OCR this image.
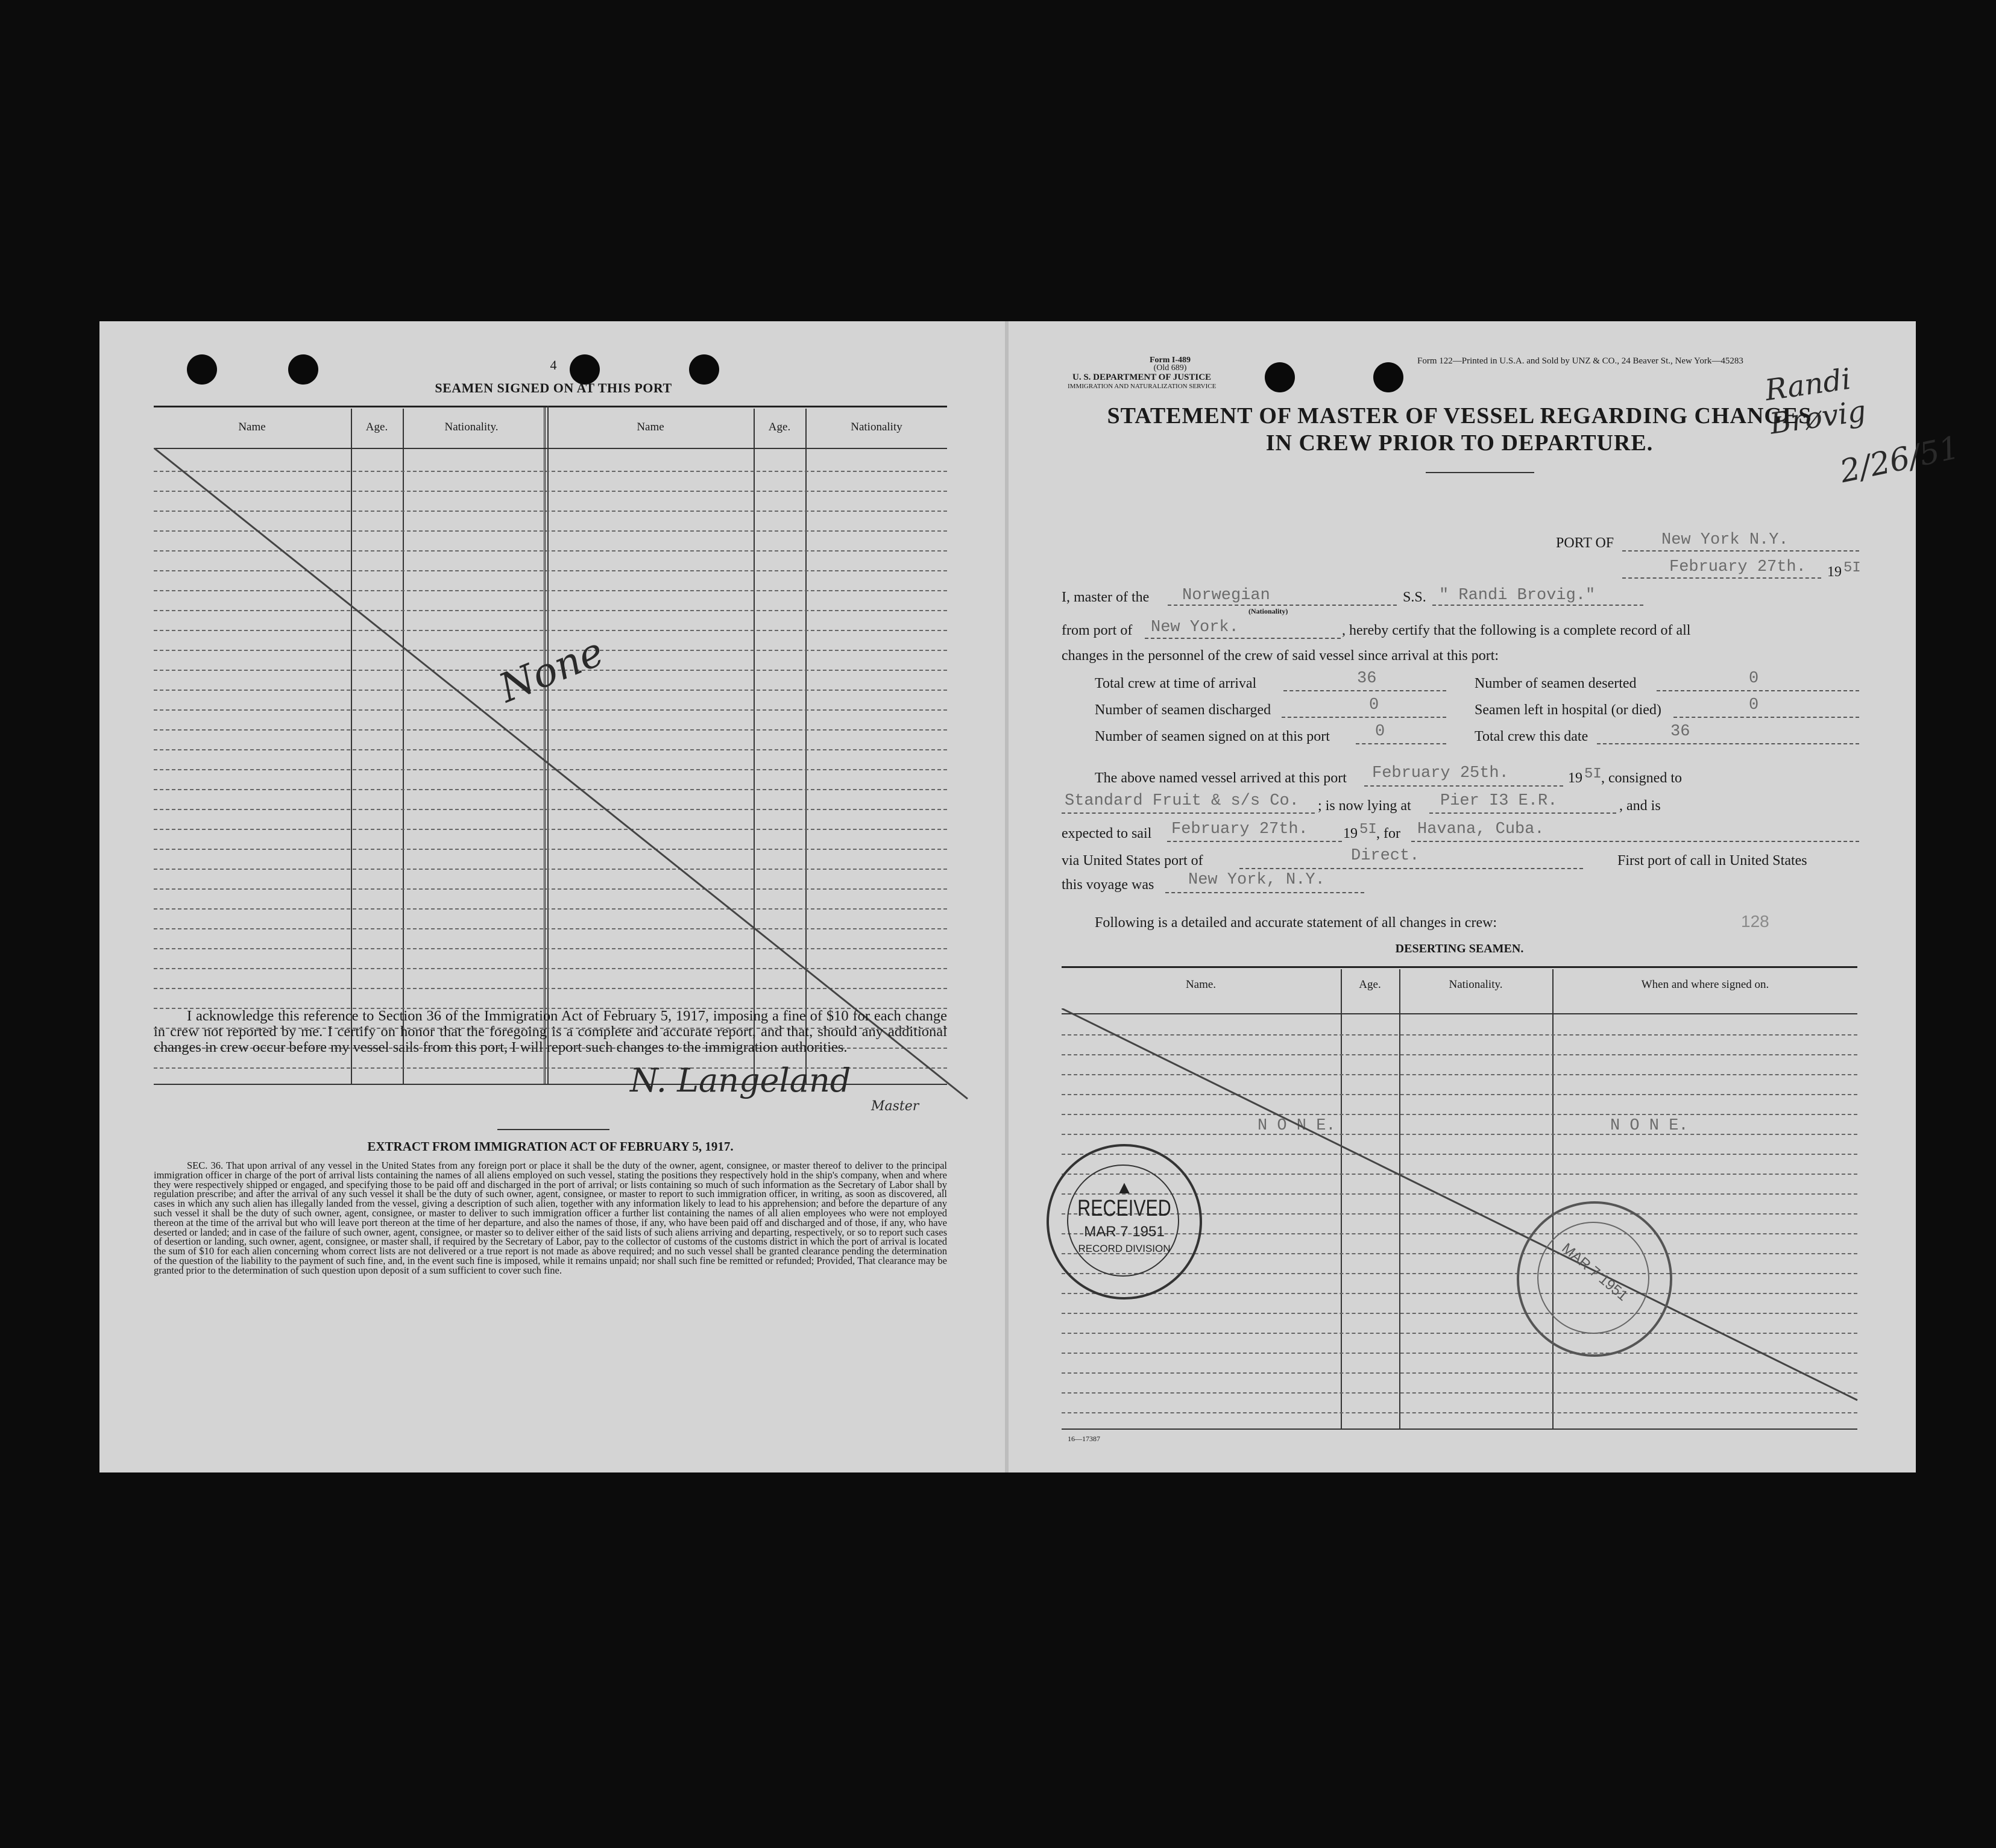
4
SEAMEN SIGNED ON AT THIS PORT
Name	Age.	Nationality.	Name	Age.	Nationality
None
I acknowledge this reference to Section 36 of the Immigration Act of February 5, 1917, imposing a fine of $10 for each change in crew not reported by me. I certify on honor that the foregoing is a complete and accurate report, and that, should any additional changes in crew occur before my vessel sails from this port, I will report such changes to the immigration authorities.
N. Langeland
Master
EXTRACT FROM IMMIGRATION ACT OF FEBRUARY 5, 1917.
SEC. 36. That upon arrival of any vessel in the United States from any foreign port or place it shall be the duty of the owner, agent, consignee, or master thereof to deliver to the principal immigration officer in charge of the port of arrival lists containing the names of all aliens employed on such vessel, stating the positions they respectively hold in the ship's company, when and where they were respectively shipped or engaged, and specifying those to be paid off and discharged in the port of arrival; or lists containing so much of such information as the Secretary of Labor shall by regulation prescribe; and after the arrival of any such vessel it shall be the duty of such owner, agent, consignee, or master to report to such immigration officer, in writing, as soon as discovered, all cases in which any such alien has illegally landed from the vessel, giving a description of such alien, together with any information likely to lead to his apprehension; and before the departure of any such vessel it shall be the duty of such owner, agent, consignee, or master to deliver to such immigration officer a further list containing the names of all alien employees who were not employed thereon at the time of the arrival but who will leave port thereon at the time of her departure, and also the names of those, if any, who have been paid off and discharged and of those, if any, who have deserted or landed; and in case of the failure of such owner, agent, consignee, or master so to deliver either of the said lists of such aliens arriving and departing, respectively, or so to report such cases of desertion or landing, such owner, agent, consignee, or master shall, if required by the Secretary of Labor, pay to the collector of customs of the customs district in which the port of arrival is located the sum of $10 for each alien concerning whom correct lists are not delivered or a true report is not made as above required; and no such vessel shall be granted clearance pending the determination of the question of the liability to the payment of such fine, and, in the event such fine is imposed, while it remains unpaid; nor shall such fine be remitted or refunded; Provided, That clearance may be granted prior to the determination of such question upon deposit of a sum sufficient to cover such fine.
Form I-489
(Old 689)
U. S. DEPARTMENT OF JUSTICE
IMMIGRATION AND NATURALIZATION SERVICE
Form 122—Printed in U.S.A. and Sold by UNZ & CO., 24 Beaver St., New York—45283
Randi Brøvig
2/26/51
STATEMENT OF MASTER OF VESSEL REGARDING CHANGES
IN CREW PRIOR TO DEPARTURE.
PORT OF	New York N.Y.
February 27th. 19 5I
I, master of the Norwegian
(Nationality)
S.S. " Randi Brovig."
from port of New York.	, hereby certify that the following is a complete record of all
changes in the personnel of the crew of said vessel since arrival at this port:
Total crew at time of arrival	36	Number of seamen deserted	0
Number of seamen discharged	0	Seamen left in hospital (or died)	0
Number of seamen signed on at this port	0	Total crew this date	36
The above named vessel arrived at this port February 25th.	19 5I , consigned to
Standard Fruit & s/s Co. ; is now lying at Pier I3 E.R.	, and is
expected to sail February 27th. 19 5I , for Havana, Cuba.
via United States port of	Direct.	First port of call in United States
this voyage was New York, N.Y.
Following is a detailed and accurate statement of all changes in crew:	128
DESERTING SEAMEN.
Name.	Age.	Nationality.	When and where signed on.
N O N E.	N O N E.
▲
RECEIVED
MAR 7 1951
RECORD DIVISION	MAR 7 1951
16—17387
